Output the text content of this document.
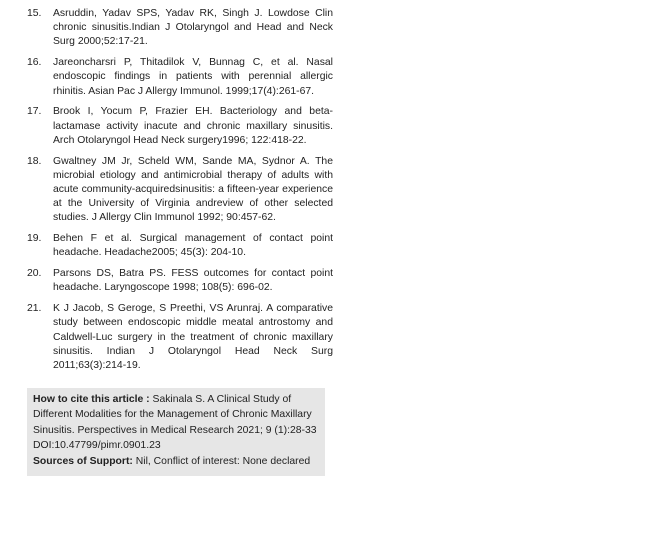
15.	Asruddin, Yadav SPS, Yadav RK, Singh J. Lowdose Clin chronic sinusitis.Indian J Otolaryngol and Head and Neck Surg 2000;52:17-21.
16.	Jareoncharsri P, Thitadilok V, Bunnag C, et al. Nasal endoscopic findings in patients with perennial allergic rhinitis. Asian Pac J Allergy Immunol. 1999;17(4):261-67.
17.	Brook I, Yocum P, Frazier EH. Bacteriology and beta-lactamase activity inacute and chronic maxillary sinusitis. Arch Otolaryngol Head Neck surgery1996; 122:418-22.
18.	Gwaltney JM Jr, Scheld WM, Sande MA, Sydnor A. The microbial etiology and antimicrobial therapy of adults with acute community-acquiredsinusitis: a fifteen-year experience at the University of Virginia andreview of other selected studies. J Allergy Clin Immunol 1992; 90:457-62.
19.	Behen F et al. Surgical management of contact point headache. Headache2005; 45(3): 204-10.
20.	Parsons DS, Batra PS. FESS outcomes for contact point headache. Laryngoscope 1998; 108(5): 696-02.
21.	K J Jacob, S Geroge, S Preethi, VS Arunraj. A comparative study between endoscopic middle meatal antrostomy and Caldwell-Luc surgery in the treatment of chronic maxillary sinusitis. Indian J Otolaryngol Head Neck Surg 2011;63(3):214-19.
How to cite this article : Sakinala S. A Clinical Study of Different Modalities for the Management of Chronic Maxillary Sinusitis. Perspectives in Medical Research 2021; 9 (1):28-33
DOI:10.47799/pimr.0901.23
Sources of Support: Nil, Conflict of interest: None declared
